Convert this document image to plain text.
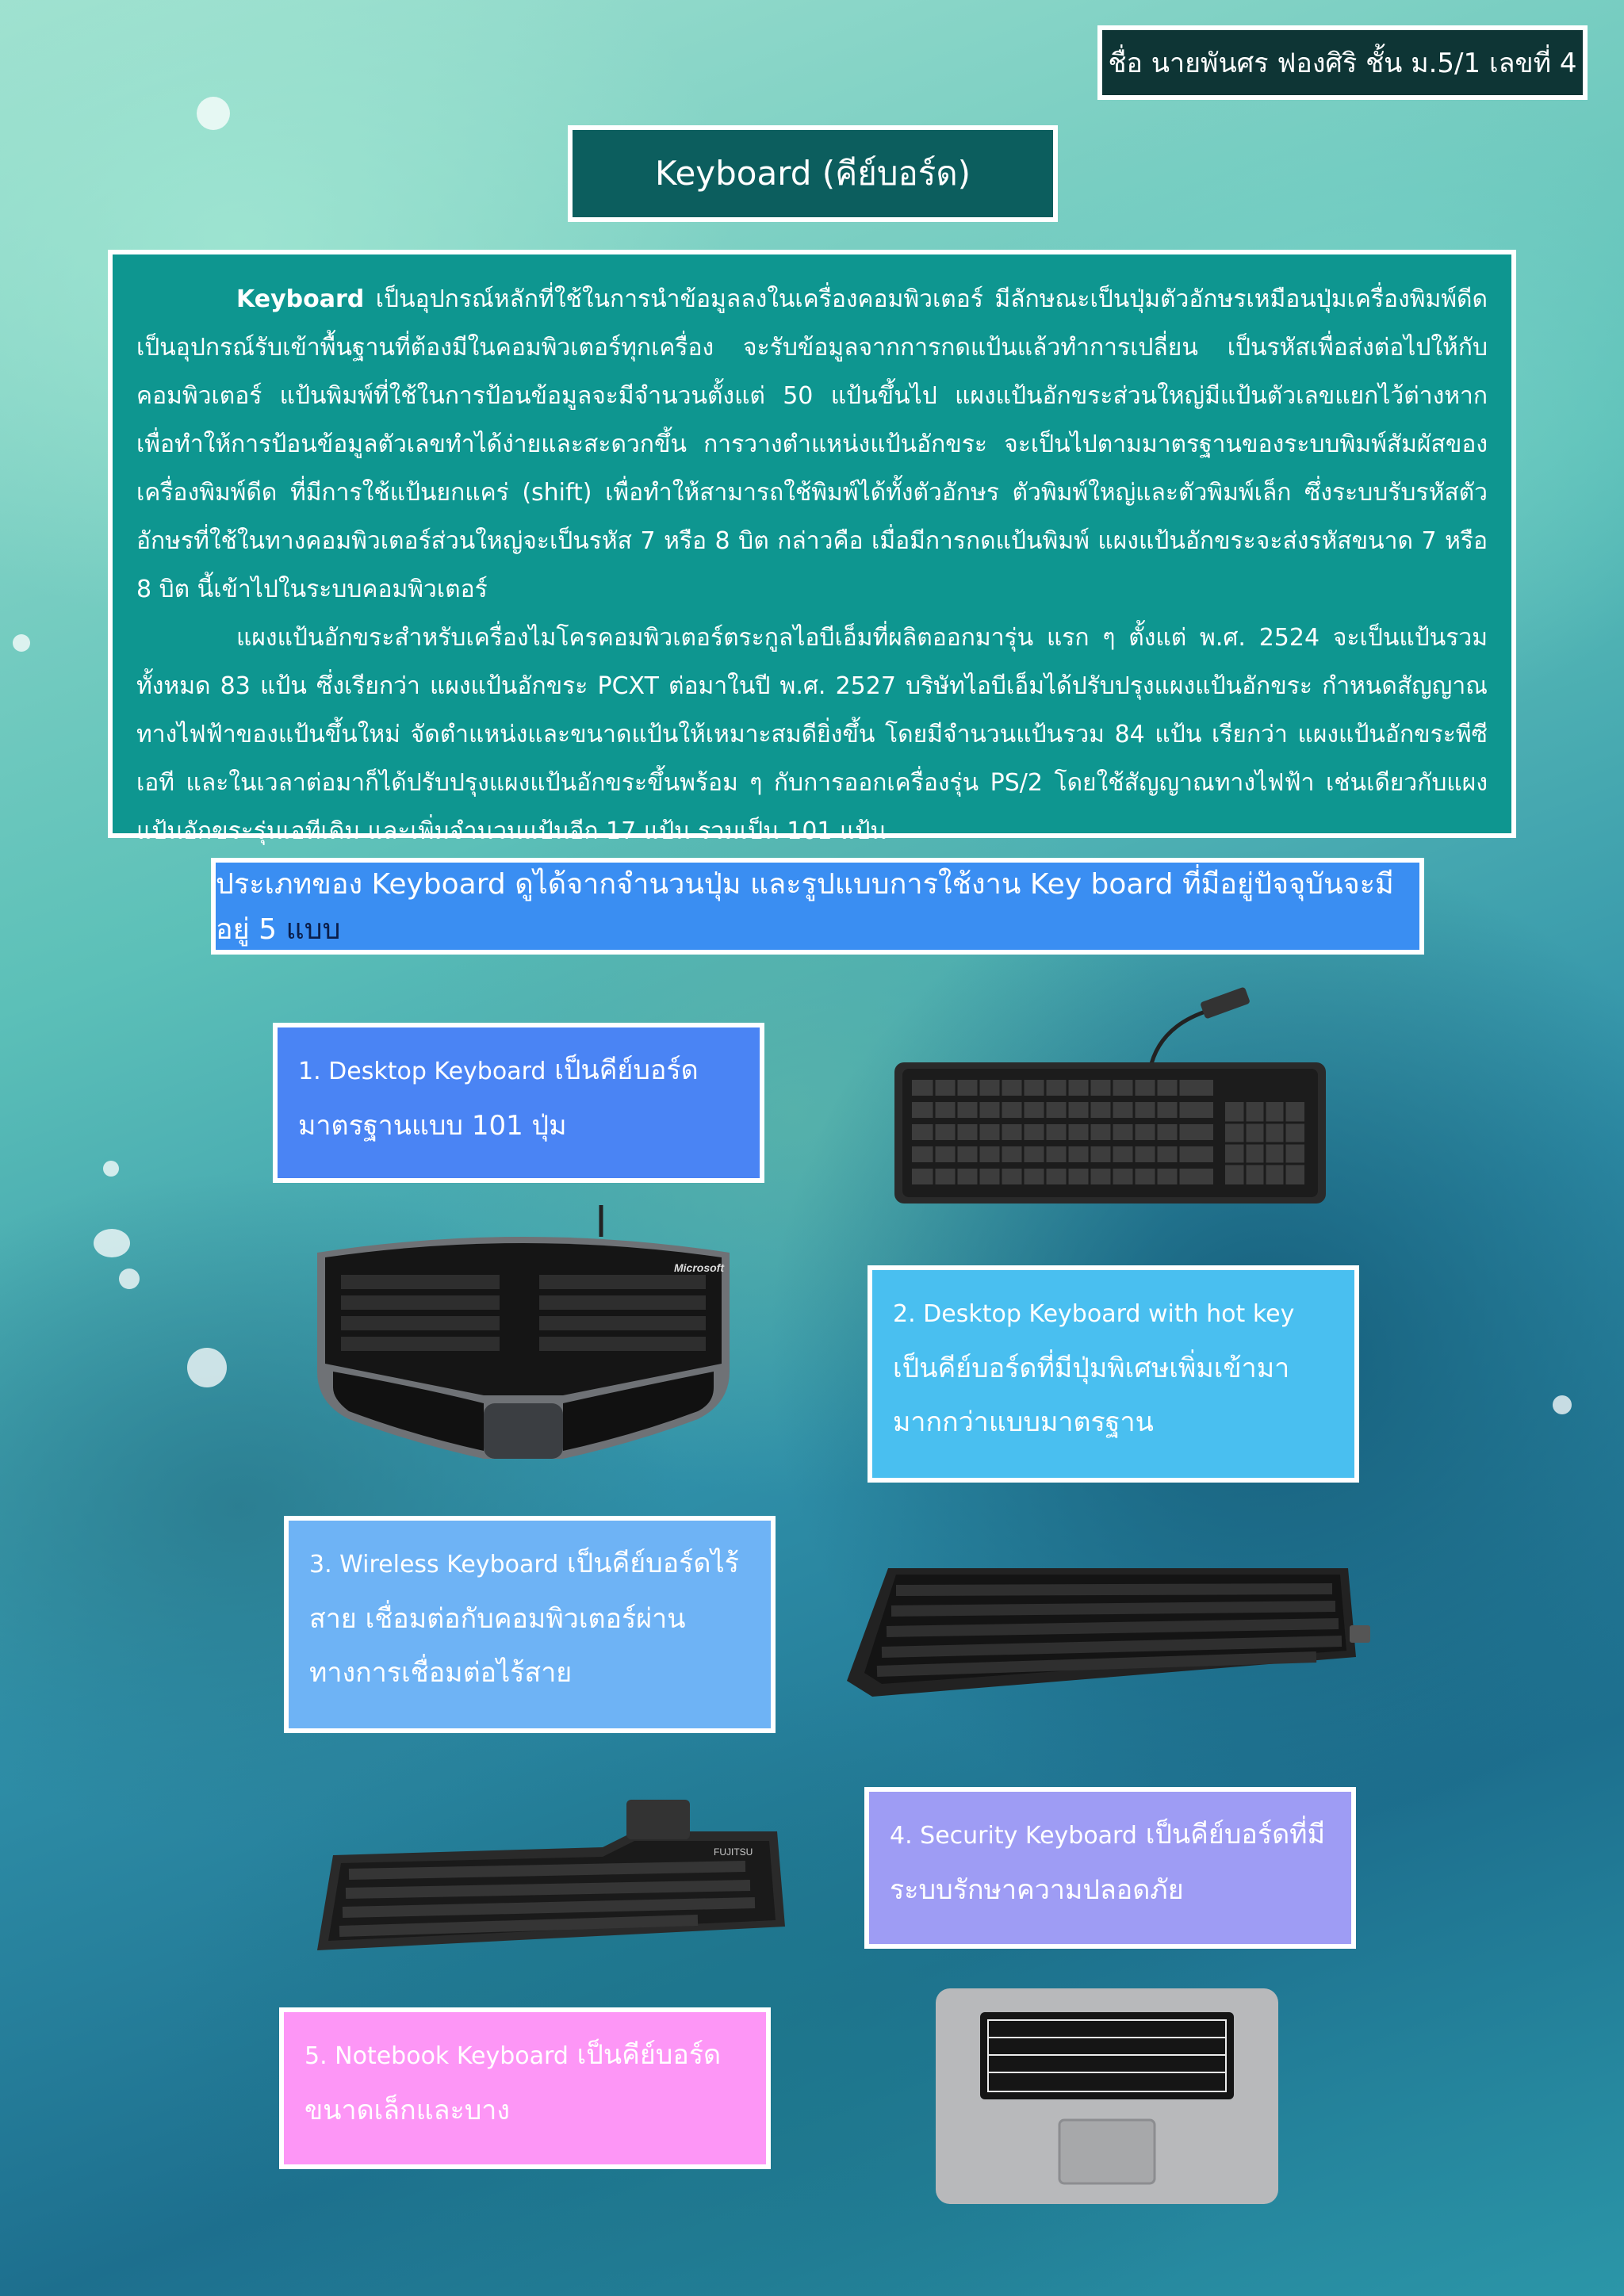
ชื่อ นายพันศร ฟองศิริ ชั้น ม.5/1 เลขที่ 4
Keyboard (คีย์บอร์ด)

Keyboard เป็นอุปกรณ์หลักที่ใช้ในการนำข้อมูลลงในเครื่องคอมพิวเตอร์ มีลักษณะเป็นปุ่มตัวอักษรเหมือนปุ่มเครื่องพิมพ์ดีด เป็นอุปกรณ์รับเข้าพื้นฐานที่ต้องมีในคอมพิวเตอร์ทุกเครื่อง จะรับข้อมูลจากการกดแป้นแล้วทำการเปลี่ยน เป็นรหัสเพื่อส่งต่อไปให้กับคอมพิวเตอร์ แป้นพิมพ์ที่ใช้ในการป้อนข้อมูลจะมีจำนวนตั้งแต่ 50 แป้นขึ้นไป แผงแป้นอักขระส่วนใหญ่มีแป้นตัวเลขแยกไว้ต่างหาก เพื่อทำให้การป้อนข้อมูลตัวเลขทำได้ง่ายและสะดวกขึ้น การวางตำแหน่งแป้นอักขระ จะเป็นไปตามมาตรฐานของระบบพิมพ์สัมผัสของเครื่องพิมพ์ดีด ที่มีการใช้แป้นยกแคร่ (shift) เพื่อทำให้สามารถใช้พิมพ์ได้ทั้งตัวอักษร ตัวพิมพ์ใหญ่และตัวพิมพ์เล็ก ซึ่งระบบรับรหัสตัวอักษรที่ใช้ในทางคอมพิวเตอร์ส่วนใหญ่จะเป็นรหัส 7 หรือ 8 บิต กล่าวคือ เมื่อมีการกดแป้นพิมพ์ แผงแป้นอักขระจะส่งรหัสขนาด 7 หรือ 8 บิต นี้เข้าไปในระบบคอมพิวเตอร์

แผงแป้นอักขระสำหรับเครื่องไมโครคอมพิวเตอร์ตระกูลไอบีเอ็มที่ผลิตออกมารุ่น แรก ๆ ตั้งแต่ พ.ศ. 2524 จะเป็นแป้นรวมทั้งหมด 83 แป้น ซึ่งเรียกว่า แผงแป้นอักขระ PCXT ต่อมาในปี พ.ศ. 2527 บริษัทไอบีเอ็มได้ปรับปรุงแผงแป้นอักขระ กำหนดสัญญาณทางไฟฟ้าของแป้นขึ้นใหม่ จัดตำแหน่งและขนาดแป้นให้เหมาะสมดียิ่งขึ้น โดยมีจำนวนแป้นรวม 84 แป้น เรียกว่า แผงแป้นอักขระพีซีเอที และในเวลาต่อมาก็ได้ปรับปรุงแผงแป้นอักขระขึ้นพร้อม ๆ กับการออกเครื่องรุ่น PS/2 โดยใช้สัญญาณทางไฟฟ้า เช่นเดียวกับแผงแป้นอักขระรุ่นเอทีเดิม และเพิ่มจำนวนแป้นอีก 17 แป้น รวมเป็น 101 แป้น

ประเภทของ Keyboard ดูได้จากจำนวนปุ่ม และรูปแบบการใช้งาน Key board ที่มีอยู่ปัจจุบันจะมีอยู่ 5 แบบ
1. Desktop Keyboard เป็นคีย์บอร์ดมาตรฐานแบบ 101 ปุ่ม
2. Desktop Keyboard with hot key เป็นคีย์บอร์ดที่มีปุ่มพิเศษเพิ่มเข้ามามากกว่าแบบมาตรฐาน
3. Wireless Keyboard เป็นคีย์บอร์ดไร้สาย เชื่อมต่อกับคอมพิวเตอร์ผ่านทางการเชื่อมต่อไร้สาย
4. Security Keyboard เป็นคีย์บอร์ดที่มีระบบรักษาความปลอดภัย
5. Notebook Keyboard เป็นคีย์บอร์ดขนาดเล็กและบาง
Microsoft
FUJITSU
